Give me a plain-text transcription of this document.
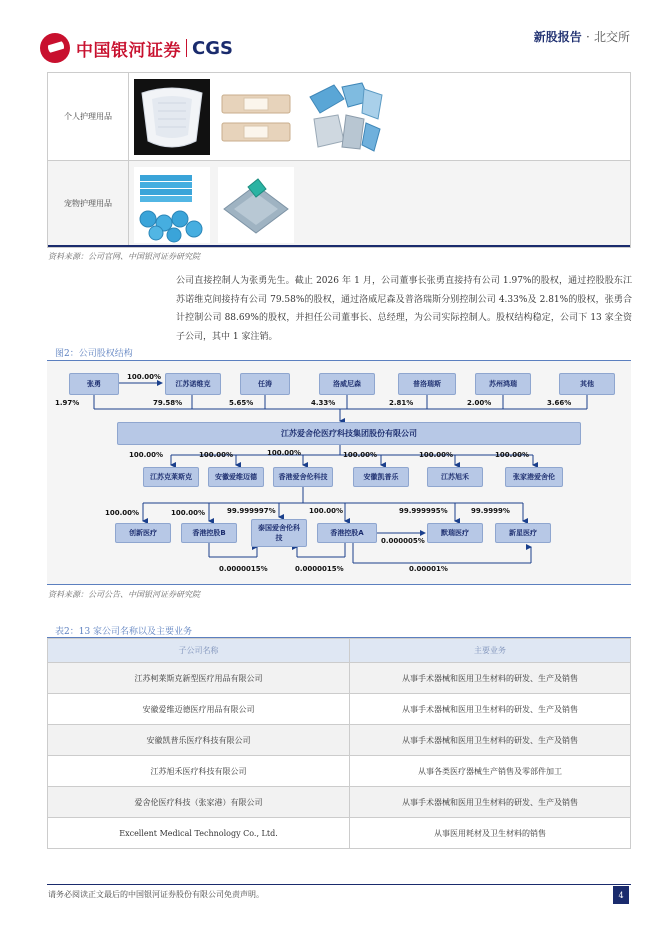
中国银河证券 CGS
新股报告 · 北交所
个人护理用品
宠物护理用品
资料来源：公司官网、中国银河证券研究院
公司直接控制人为张勇先生。截止 2026 年 1 月，公司董事长张勇直接持有公司 1.97%的股权，通过控股股东江苏诺维克间接持有公司 79.58%的股权，通过洛威尼森及普洛瑞斯分别控制公司 4.33%及 2.81%的股权，张勇合计控制公司 88.69%的股权，并担任公司董事长、总经理，为公司实际控制人。股权结构稳定，公司下 13 家全资子公司，其中 1 家注销。
图2：公司股权结构
张勇	江苏诺维克	任涛	洛威尼森	普洛瑞斯	苏州鸿瑞	其他
100.00%
1.97%	79.58%	5.65%	4.33%	2.81%	2.00%	3.66%
江苏爱舍伦医疗科技集团股份有限公司
100.00%	100.00%	100.00%	100.00%	100.00%	100.00%
江苏克莱斯克	安徽爱维迈德	香港爱舍伦科技	安徽凯普乐	江苏旭禾	张家港爱舍伦
100.00%	100.00%	99.999997%	100.00%	99.999995%	99.9999%
创新医疗	香港控股B
泰国爱舍伦科技
香港控股A	默瑞医疗	新星医疗
0.0000015%	0.0000015%
0.000005%
0.00001%
资料来源：公司公告、中国银河证券研究院
表2：13 家公司名称以及主要业务
子公司名称	主要业务
江苏柯莱斯克新型医疗用品有限公司	从事手术器械和医用卫生材料的研发、生产及销售
安徽爱维迈德医疗用品有限公司	从事手术器械和医用卫生材料的研发、生产及销售
安徽凯普乐医疗科技有限公司	从事手术器械和医用卫生材料的研发、生产及销售
江苏旭禾医疗科技有限公司	从事各类医疗器械生产销售及零部件加工
爱舍伦医疗科技（张家港）有限公司	从事手术器械和医用卫生材料的研发、生产及销售
Excellent Medical Technology Co., Ltd.	从事医用耗材及卫生材料的销售
请务必阅读正文最后的中国银河证券股份有限公司免责声明。	4
